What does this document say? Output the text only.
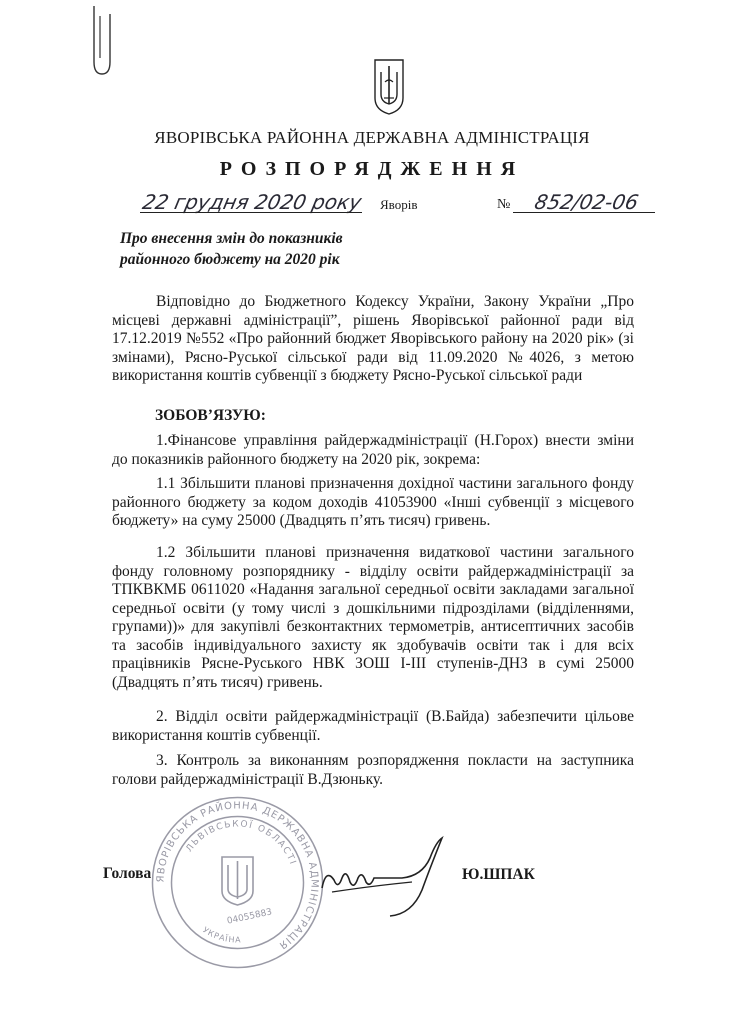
ЯВОРІВСЬКА РАЙОННА ДЕРЖАВНА АДМІНІСТРАЦІЯ
РОЗПОРЯДЖЕННЯ
22 грудня 2020 року Яворів	№ 852/02-06
Про внесення змін до показників
районного бюджету на 2020 рік

Відповідно до Бюджетного Кодексу України, Закону України „Про місцеві державні адміністрації”, рішень Яворівської районної ради від 17.12.2019 №552 «Про районний бюджет Яворівського району на 2020 рік» (зі змінами), Рясно-Руської сільської ради від 11.09.2020 №4026, з метою використання коштів субвенції з бюджету Рясно-Руської сільської ради

ЗОБОВ’ЯЗУЮ:

1.Фінансове управління райдержадміністрації (Н.Горох) внести зміни до показників районного бюджету на 2020 рік, зокрема:

1.1 Збільшити планові призначення дохідної частини загального фонду районного бюджету за кодом доходів 41053900 «Інші субвенції з місцевого бюджету» на суму 25000 (Двадцять п’ять тисяч) гривень.

1.2 Збільшити планові призначення видаткової частини загального фонду головному розпоряднику - відділу освіти райдержадміністрації за ТПКВКМБ 0611020 «Надання загальної середньої освіти закладами загальної середньої освіти (у тому числі з дошкільними підрозділами (відділеннями, групами))» для закупівлі безконтактних термометрів, антисептичних засобів та засобів індивідуального захисту як здобувачів освіти так і для всіх працівників Рясне-Руського НВК ЗОШ І-ІІІ ступенів-ДНЗ в сумі 25000 (Двадцять п’ять тисяч) гривень.

2. Відділ освіти райдержадміністрації (В.Байда) забезпечити цільове використання коштів субвенції.

3. Контроль за виконанням розпорядження покласти на заступника голови райдержадміністрації В.Дзюньку.

ЯВОРІВСЬКА РАЙОННА ДЕРЖАВНА АДМІНІСТРАЦІЯ
ЛЬВІВСЬКОЇ ОБЛАСТІ
УКРАЇНА
04055883
Голова	Ю.ШПАК
